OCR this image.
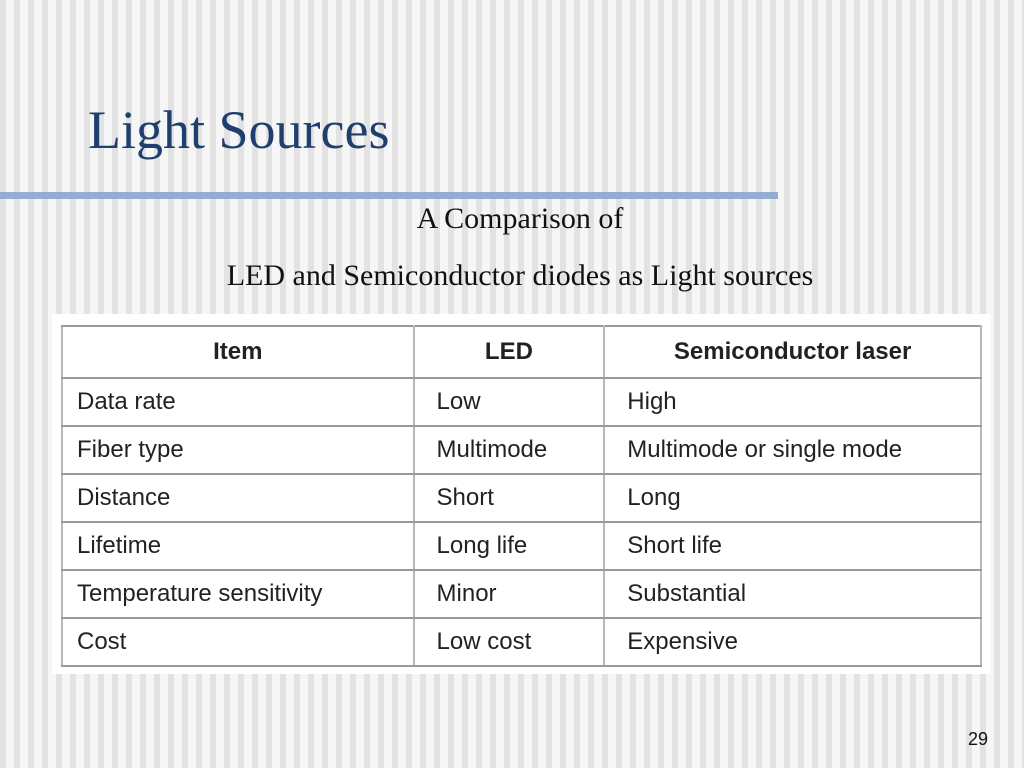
Light Sources
A Comparison of
LED and Semiconductor diodes as Light sources
Item	LED	Semiconductor laser
Data rate	Low	High
Fiber type	Multimode	Multimode or single mode
Distance	Short	Long
Lifetime	Long life	Short life
Temperature sensitivity	Minor	Substantial
Cost	Low cost	Expensive
29
